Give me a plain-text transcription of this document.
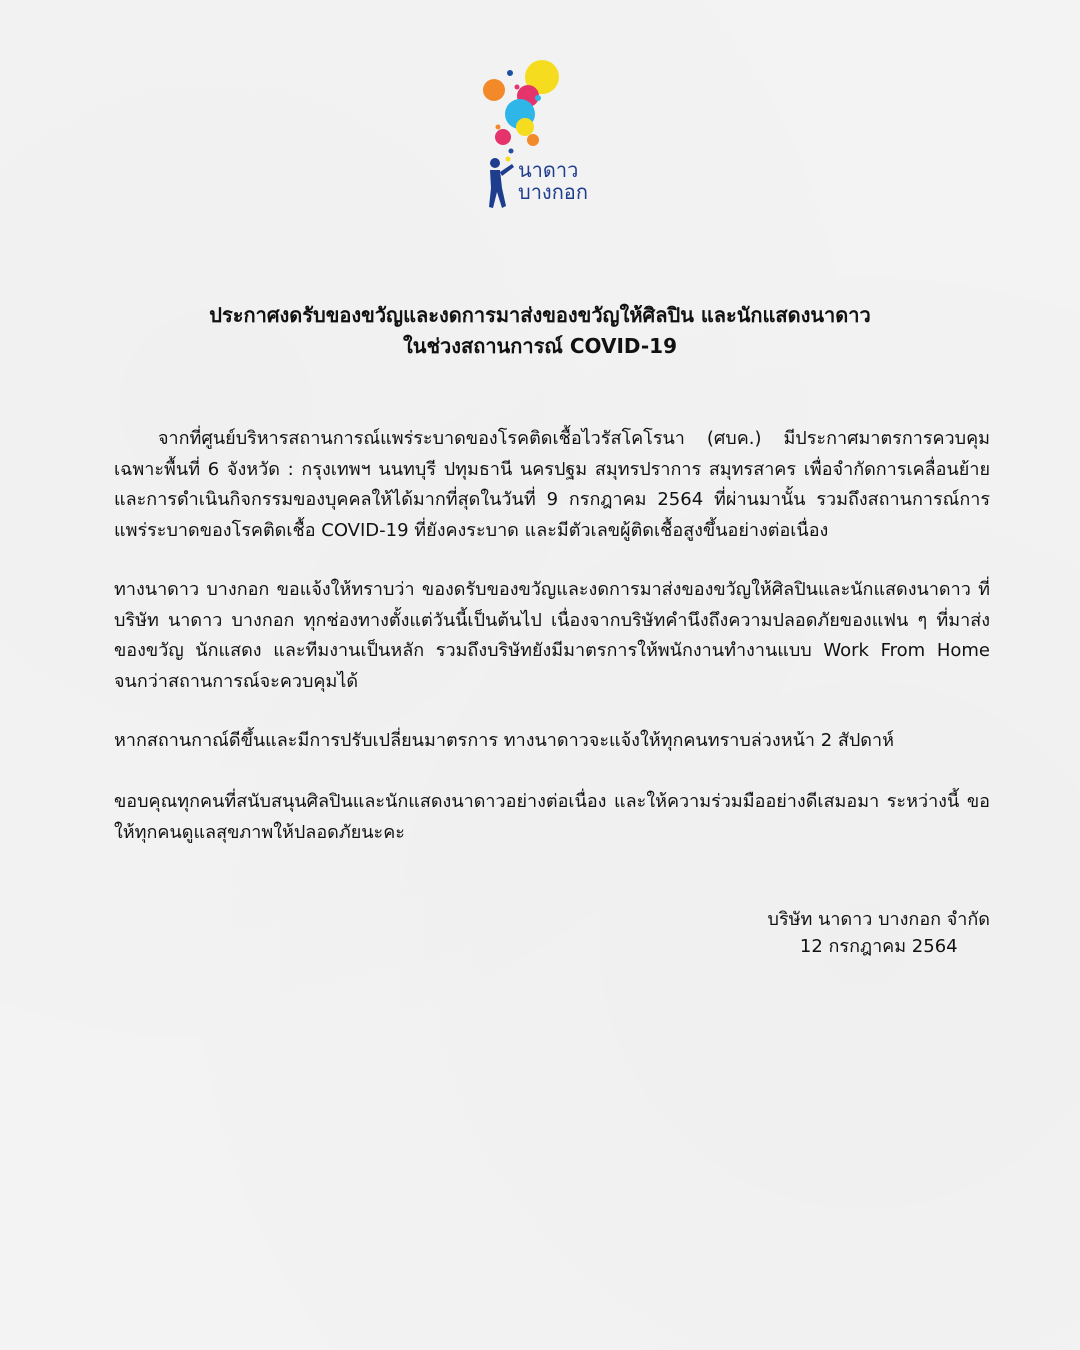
นาดาว
บางกอก
ประกาศงดรับของขวัญและงดการมาส่งของขวัญให้ศิลปิน และนักแสดงนาดาว
ในช่วงสถานการณ์ COVID-19
จากที่ศูนย์บริหารสถานการณ์แพร่ระบาดของโรคติดเชื้อไวรัสโคโรนา (ศบค.) มีประกาศมาตรการควบคุม เฉพาะพื้นที่ 6 จังหวัด : กรุงเทพฯ นนทบุรี ปทุมธานี นครปฐม สมุทรปราการ สมุทรสาคร เพื่อจำกัดการเคลื่อนย้ายและการดำเนินกิจกรรมของบุคคลให้ได้มากที่สุดในวันที่ 9 กรกฎาคม 2564 ที่ผ่านมานั้น รวมถึงสถานการณ์การแพร่ระบาดของโรคติดเชื้อ COVID-19 ที่ยังคงระบาด และมีตัวเลขผู้ติดเชื้อสูงขึ้นอย่างต่อเนื่อง
ทางนาดาว บางกอก ขอแจ้งให้ทราบว่า ของดรับของขวัญและงดการมาส่งของขวัญให้ศิลปินและนักแสดงนาดาว ที่บริษัท นาดาว บางกอก ทุกช่องทางตั้งแต่วันนี้เป็นต้นไป เนื่องจากบริษัทคำนึงถึงความปลอดภัยของแฟน ๆ ที่มาส่งของขวัญ นักแสดง และทีมงานเป็นหลัก รวมถึงบริษัทยังมีมาตรการให้พนักงานทำงานแบบ Work From Home จนกว่าสถานการณ์จะควบคุมได้
หากสถานกาณ์ดีขึ้นและมีการปรับเปลี่ยนมาตรการ ทางนาดาวจะแจ้งให้ทุกคนทราบล่วงหน้า 2 สัปดาห์
ขอบคุณทุกคนที่สนับสนุนศิลปินและนักแสดงนาดาวอย่างต่อเนื่อง และให้ความร่วมมืออย่างดีเสมอมา ระหว่างนี้ ขอให้ทุกคนดูแลสุขภาพให้ปลอดภัยนะคะ
บริษัท นาดาว บางกอก จำกัด
12 กรกฎาคม 2564
